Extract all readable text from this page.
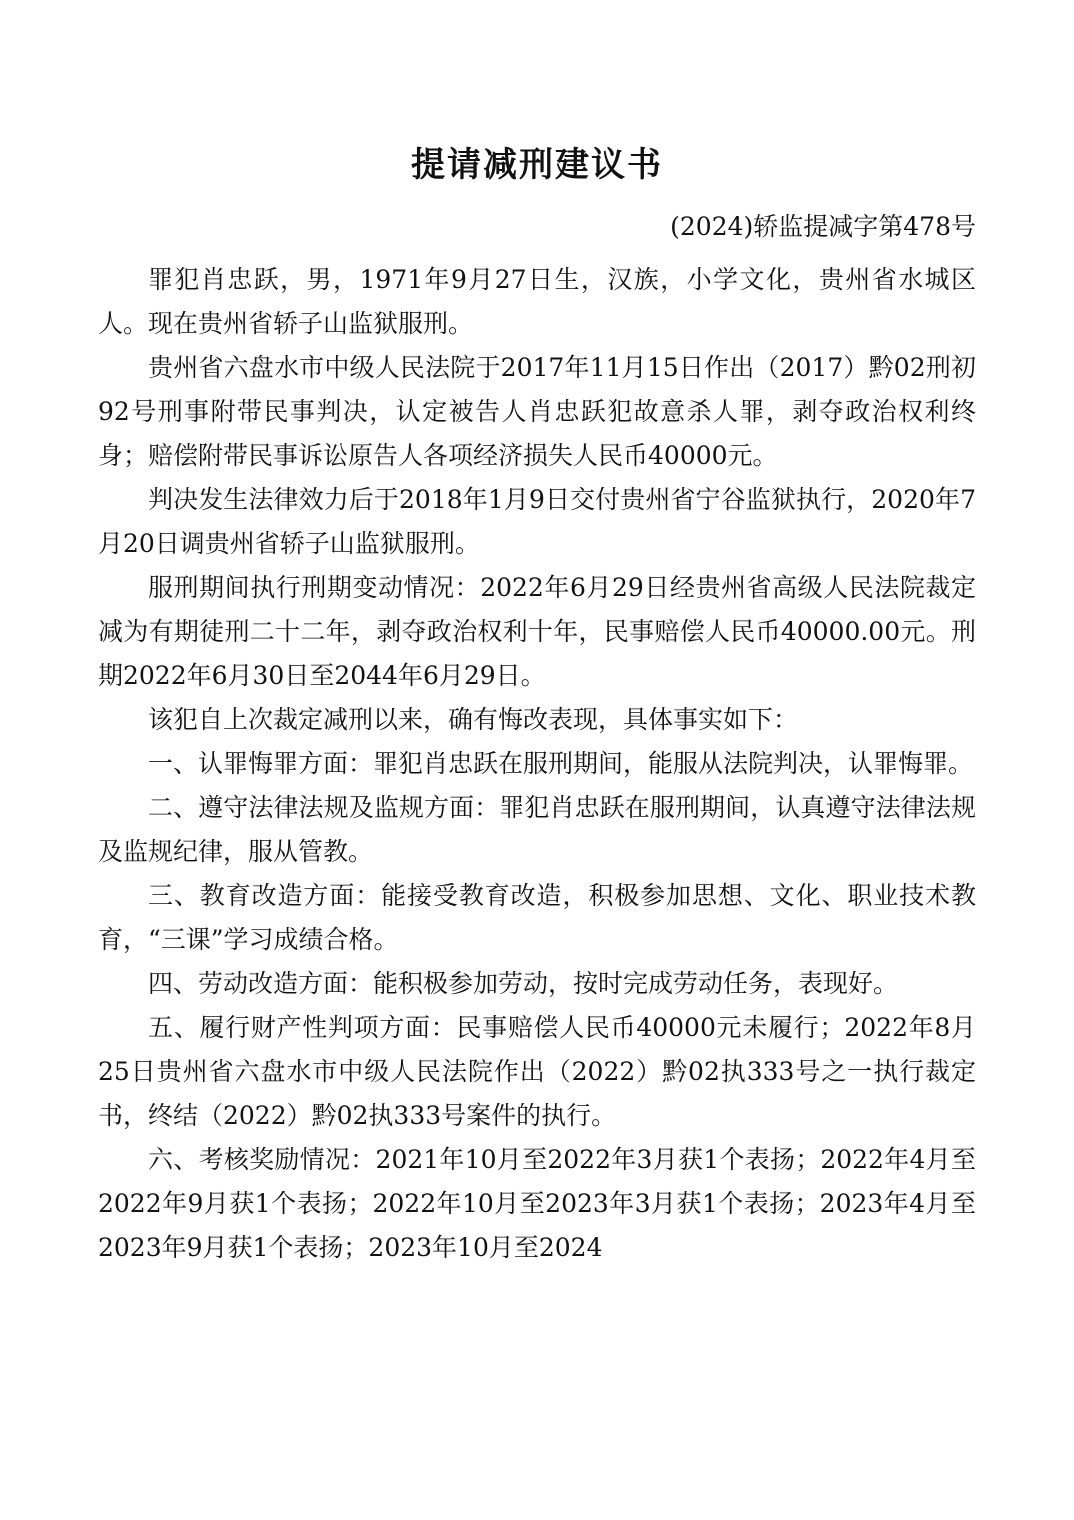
提请减刑建议书
(2024)轿监提减字第478号

罪犯肖忠跃，男，1971年9月27日生，汉族，小学文化，贵州省水城区人。现在贵州省轿子山监狱服刑。

贵州省六盘水市中级人民法院于2017年11月15日作出（2017）黔02刑初92号刑事附带民事判决，认定被告人肖忠跃犯故意杀人罪，剥夺政治权利终身；赔偿附带民事诉讼原告人各项经济损失人民币40000元。

判决发生法律效力后于2018年1月9日交付贵州省宁谷监狱执行，2020年7月20日调贵州省轿子山监狱服刑。

服刑期间执行刑期变动情况：2022年6月29日经贵州省高级人民法院裁定减为有期徒刑二十二年，剥夺政治权利十年，民事赔偿人民币40000.00元。刑期2022年6月30日至2044年6月29日。

该犯自上次裁定减刑以来，确有悔改表现，具体事实如下：

一、认罪悔罪方面：罪犯肖忠跃在服刑期间，能服从法院判决，认罪悔罪。

二、遵守法律法规及监规方面：罪犯肖忠跃在服刑期间，认真遵守法律法规及监规纪律，服从管教。

三、教育改造方面：能接受教育改造，积极参加思想、文化、职业技术教育，“三课”学习成绩合格。

四、劳动改造方面：能积极参加劳动，按时完成劳动任务，表现好。

五、履行财产性判项方面：民事赔偿人民币40000元未履行；2022年8月25日贵州省六盘水市中级人民法院作出（2022）黔02执333号之一执行裁定书，终结（2022）黔02执333号案件的执行。

六、考核奖励情况：2021年10月至2022年3月获1个表扬；2022年4月至2022年9月获1个表扬；2022年10月至2023年3月获1个表扬；2023年4月至2023年9月获1个表扬；2023年10月至2024
